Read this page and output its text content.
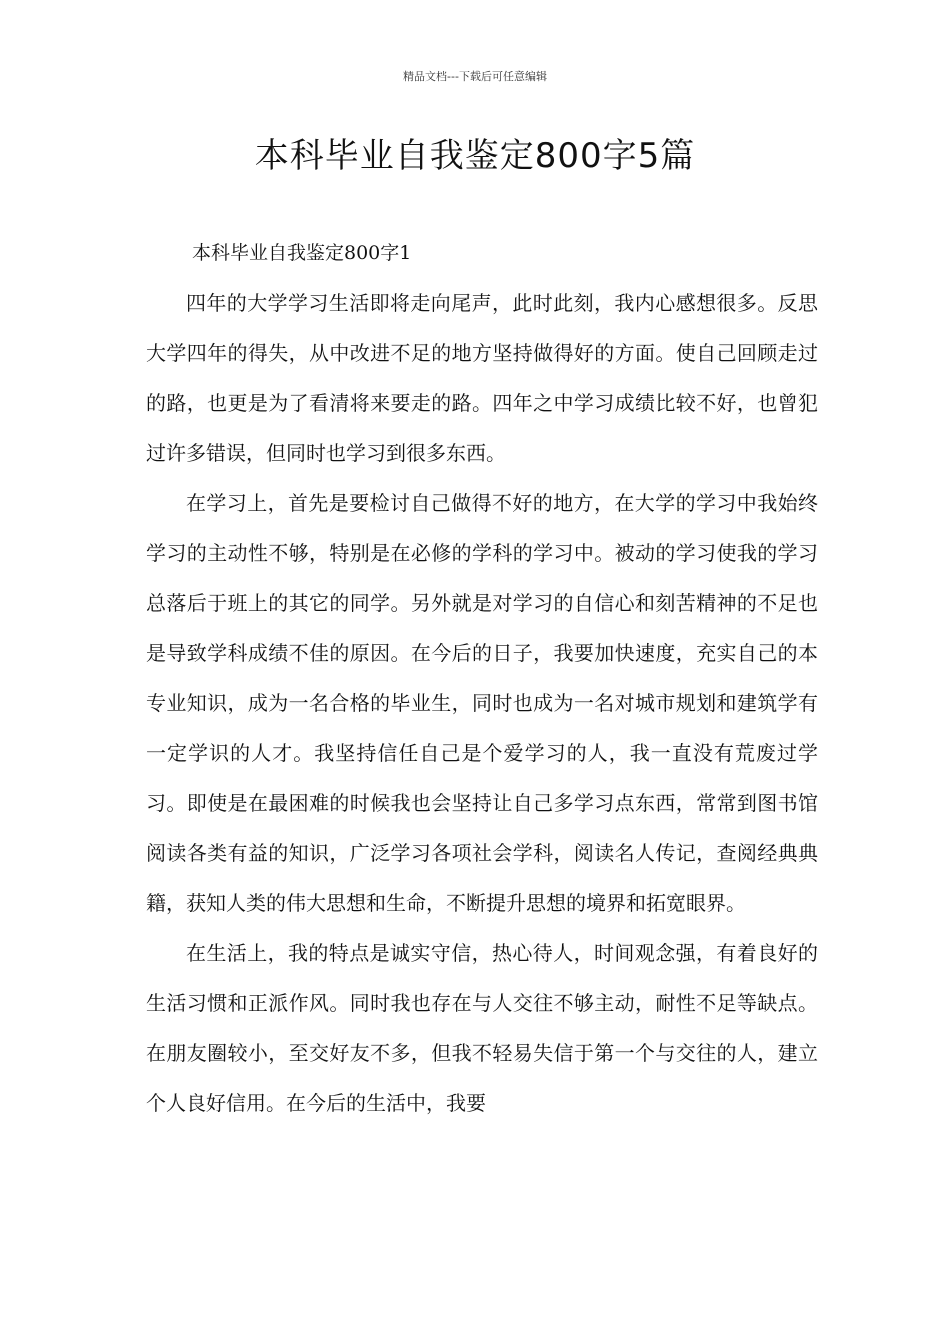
精品文档---下载后可任意编辑
本科毕业自我鉴定800字5篇
本科毕业自我鉴定800字1

四年的大学学习生活即将走向尾声，此时此刻，我内心感想很多。反思大学四年的得失，从中改进不足的地方坚持做得好的方面。使自己回顾走过的路，也更是为了看清将来要走的路。四年之中学习成绩比较不好，也曾犯过许多错误，但同时也学习到很多东西。

在学习上，首先是要检讨自己做得不好的地方，在大学的学习中我始终学习的主动性不够，特别是在必修的学科的学习中。被动的学习使我的学习总落后于班上的其它的同学。另外就是对学习的自信心和刻苦精神的不足也是导致学科成绩不佳的原因。在今后的日子，我要加快速度，充实自己的本专业知识，成为一名合格的毕业生，同时也成为一名对城市规划和建筑学有一定学识的人才。我坚持信任自己是个爱学习的人，我一直没有荒废过学习。即使是在最困难的时候我也会坚持让自己多学习点东西，常常到图书馆阅读各类有益的知识，广泛学习各项社会学科，阅读名人传记，查阅经典典籍，获知人类的伟大思想和生命，不断提升思想的境界和拓宽眼界。

在生活上，我的特点是诚实守信，热心待人，时间观念强，有着良好的生活习惯和正派作风。同时我也存在与人交往不够主动，耐性不足等缺点。在朋友圈较小，至交好友不多，但我不轻易失信于第一个与交往的人，建立个人良好信用。在今后的生活中，我要
